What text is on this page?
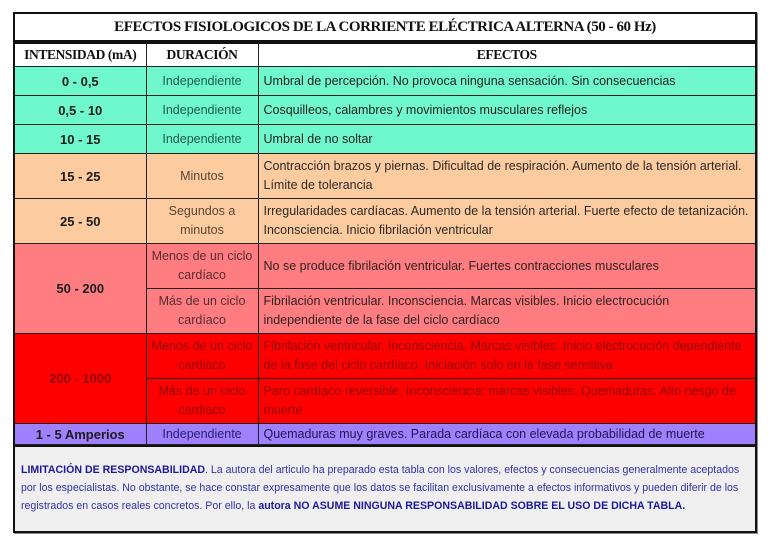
EFECTOS FISIOLOGICOS DE LA CORRIENTE ELÉCTRICA ALTERNA (50 - 60 Hz)
INTENSIDAD (mA)	DURACIÓN	EFECTOS
0 - 0,5	Independiente	Umbral de percepción. No provoca ninguna sensación. Sin consecuencias
0,5 - 10	Independiente	Cosquilleos, calambres y movimientos musculares reflejos
10 - 15	Independiente	Umbral de no soltar
15 - 25	Minutos	Contracción brazos y piernas. Dificultad de respiración. Aumento de la tensión arterial. Límite de tolerancia
25 - 50	Segundos a minutos	Irregularidades cardíacas. Aumento de la tensión arterial. Fuerte efecto de tetanización. Inconsciencia. Inicio fibrilación ventricular
50 - 200	Menos de un ciclo cardíaco	No se produce fibrilación ventricular. Fuertes contracciones musculares
	Más de un ciclo cardíaco	Fibrilación ventricular. Inconsciencia. Marcas visibles. Inicio electrocución independiente de la fase del ciclo cardíaco
200 - 1000	Menos de un ciclo cardiaco	Fibrilación ventricular. Inconsciencia. Marcas visibles. Inicio electrocución dependiente de la fase del ciclo cardíaco. Iniciación solo en la fase sensitiva
	Más de un ciclo cardiaco	Paro cardíaco reversible. Inconsciencia: marcas visibles. Quemaduras. Alto riesgo de muerte
1 - 5 Amperios	Independiente	Quemaduras muy graves. Parada cardíaca con elevada probabilidad de muerte
LIMITACIÓN DE RESPONSABILIDAD. La autora del articulo ha preparado esta tabla con los valores, efectos y consecuencias generalmente aceptados por los especialistas. No obstante, se hace constar expresamente que los datos se facilitan exclusivamente a efectos informativos y pueden diferir de los registrados en casos reales concretos. Por ello, la autora NO ASUME NINGUNA RESPONSABILIDAD SOBRE EL USO DE DICHA TABLA.
